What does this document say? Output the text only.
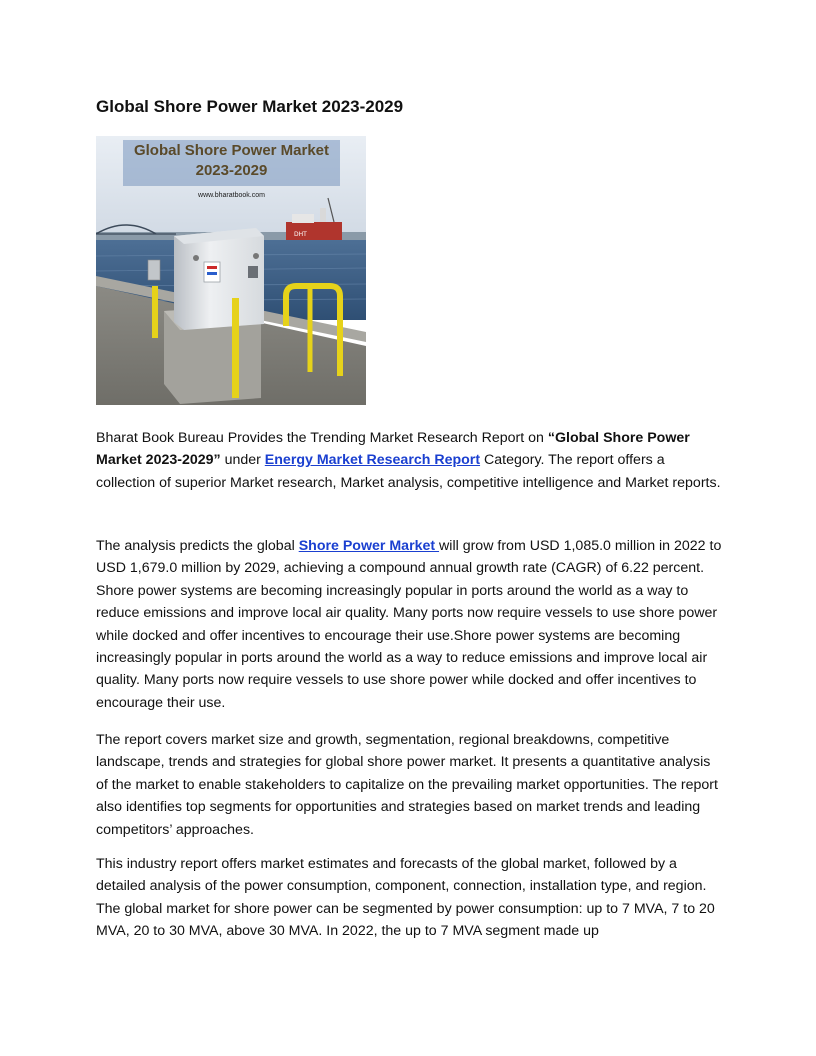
Global Shore Power Market 2023-2029
DHT
Global Shore Power Market
2023-2029
www.bharatbook.com

Bharat Book Bureau Provides the Trending Market Research Report on “Global Shore Power Market 2023-2029” under Energy Market Research Report Category. The report offers a collection of superior Market research, Market analysis, competitive intelligence and Market reports.

The analysis predicts the global Shore Power Market will grow from USD 1,085.0 million in 2022 to USD 1,679.0 million by 2029, achieving a compound annual growth rate (CAGR) of 6.22 percent. Shore power systems are becoming increasingly popular in ports around the world as a way to reduce emissions and improve local air quality. Many ports now require vessels to use shore power while docked and offer incentives to encourage their use.Shore power systems are becoming increasingly popular in ports around the world as a way to reduce emissions and improve local air quality. Many ports now require vessels to use shore power while docked and offer incentives to encourage their use.

The report covers market size and growth, segmentation, regional breakdowns, competitive landscape, trends and strategies for global shore power market. It presents a quantitative analysis of the market to enable stakeholders to capitalize on the prevailing market opportunities. The report also identifies top segments for opportunities and strategies based on market trends and leading competitors’ approaches.

This industry report offers market estimates and forecasts of the global market, followed by a detailed analysis of the power consumption, component, connection, installation type, and region. The global market for shore power can be segmented by power consumption: up to 7 MVA, 7 to 20 MVA, 20 to 30 MVA, above 30 MVA. In 2022, the up to 7 MVA segment made up
